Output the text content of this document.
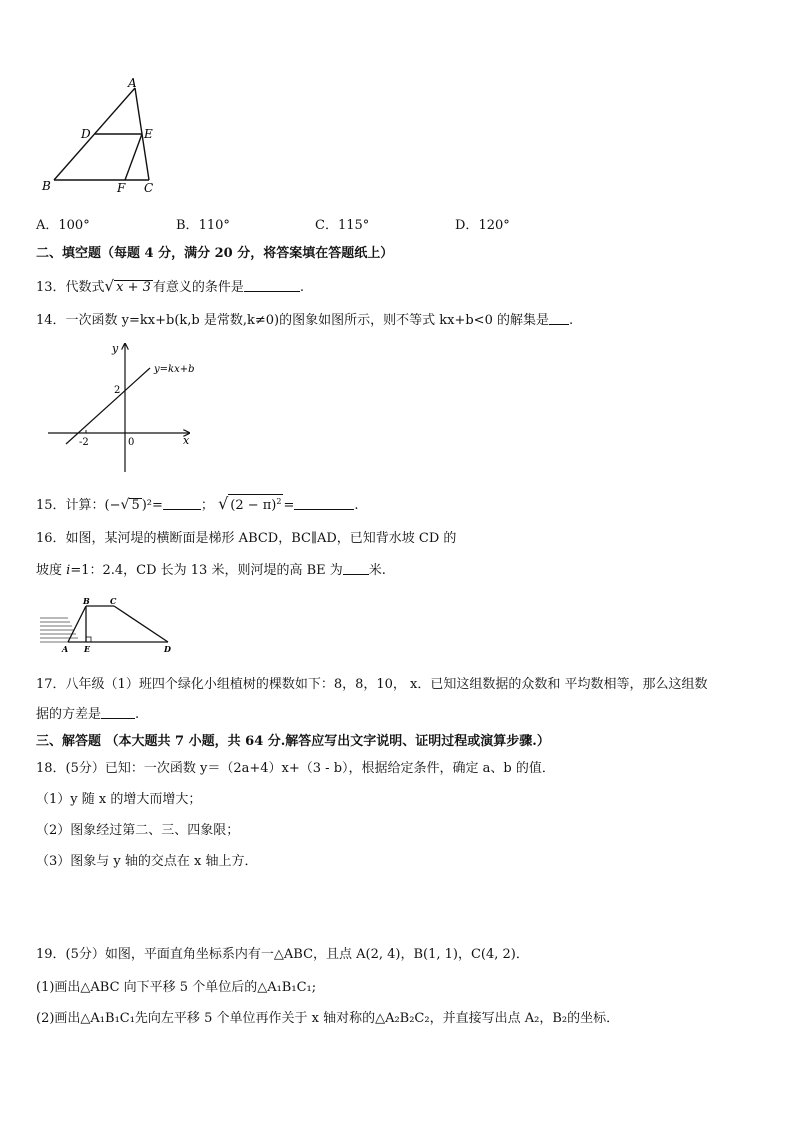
A
D	E
B	F C
A．100°	B．110°	C．115°	D．120°
二、填空题（每题 4 分，满分 20 分，将答案填在答题纸上）
13．代数式√ x + 3 有意义的条件是	.
14．一次函数 y=kx+b(k,b 是常数,k≠0)的图象如图所示，则不等式 kx+b<0 的解集是 .
y
x
y=kx+b
2
-2	0
15．计算：(−√ 5 )²=	； √ $(2 - \pi)^2$ =	.
16．如图，某河堤的横断面是梯形 ABCD，BC∥AD，已知背水坡 CD 的
坡度 i=1：2.4，CD 长为 13 米，则河堤的高 BE 为 米.
B	C
A E	D
17．八年级（1）班四个绿化小组植树的棵数如下：8，8，10， x．已知这组数据的众数和 平均数相等，那么这组数
据的方差是	.
三、解答题 （本大题共 7 小题，共 64 分.解答应写出文字说明、证明过程或演算步骤.）
18．(5分）已知：一次函数 y＝（2a+4）x+（3 - b），根据给定条件，确定 a、b 的值．
（1）y 随 x 的增大而增大；
（2）图象经过第二、三、四象限；
（3）图象与 y 轴的交点在 x 轴上方．
19．(5分）如图，平面直角坐标系内有一△ABC，且点 A(2, 4)，B(1, 1)，C(4, 2)．
(1)画出△ABC 向下平移 5 个单位后的△A₁B₁C₁;
(2)画出△A₁B₁C₁先向左平移 5 个单位再作关于 x 轴对称的△A₂B₂C₂，并直接写出点 A₂，B₂的坐标．
